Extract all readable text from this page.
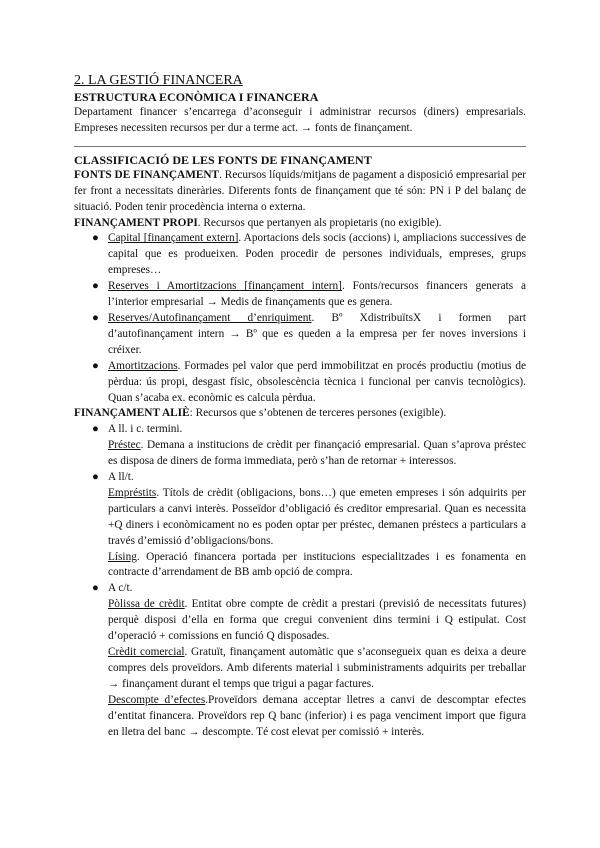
2. LA GESTIÓ FINANCERA

ESTRUCTURA ECONÒMICA I FINANCERA

Departament financer s’encarrega d’aconseguir i administrar recursos (diners) empresarials. Empreses necessiten recursos per dur a terme act. → fonts de finançament.

CLASSIFICACIÓ DE LES FONTS DE FINANÇAMENT

FONTS DE FINANÇAMENT. Recursos líquids/mitjans de pagament a disposició empresarial per fer front a necessitats dineràries. Diferents fonts de finançament que té són: PN i P del balanç de situació. Poden tenir procedència interna o externa.

FINANÇAMENT PROPI. Recursos que pertanyen als propietaris (no exigible).

● Capital [finançament extern]. Aportacions dels socis (accions) i, ampliacions successives de capital que es produeixen. Poden procedir de persones individuals, empreses, grups empreses…
● Reserves i Amortitzacions [finançament intern]. Fonts/recursos financers generats a l’interior empresarial → Medis de finançaments que es genera.
● Reserves/Autofinançament d’enriquiment. Bº XdistribuïtsX i formen part d’autofinançament intern → Bº que es queden a la empresa per fer noves inversions i créixer.
● Amortitzacions. Formades pel valor que perd immobilitzat en procés productiu (motius de pèrdua: ús propi, desgast físic, obsolescència tècnica i funcional per canvis tecnològics). Quan s’acaba ex. econòmic es calcula pèrdua.

FINANÇAMENT ALIÈ: Recursos que s’obtenen de terceres persones (exigible).

● A ll. i c. termini.

Préstec. Demana a institucions de crèdit per finançació empresarial. Quan s’aprova préstec es disposa de diners de forma immediata, però s’han de retornar + interessos.

● A ll/t.

Empréstits. Títols de crèdit (obligacions, bons…) que emeten empreses i són adquirits per particulars a canvi interès. Posseïdor d’obligació és creditor empresarial. Quan es necessita +Q diners i econòmicament no es poden optar per préstec, demanen préstecs a particulars a través d’emissió d’obligacions/bons.

Lísing. Operació financera portada per institucions especialitzades i es fonamenta en contracte d’arrendament de BB amb opció de compra.

● A c/t.

Pòlissa de crèdit. Entitat obre compte de crèdit a prestari (previsió de necessitats futures) perquè disposi d’ella en forma que cregui convenient dins termini i Q estipulat. Cost d’operació + comissions en funció Q disposades.

Crèdit comercial. Gratuït, finançament automàtic que s’aconsegueix quan es deixa a deure compres dels proveïdors. Amb diferents material i subministraments adquirits per treballar → finançament durant el temps que trigui a pagar factures.

Descompte d’efectes.Proveïdors demana acceptar lletres a canvi de descomptar efectes d’entitat financera. Proveïdors rep Q banc (inferior) i es paga venciment import que figura en lletra del banc → descompte. Té cost elevat per comissió + interès.
